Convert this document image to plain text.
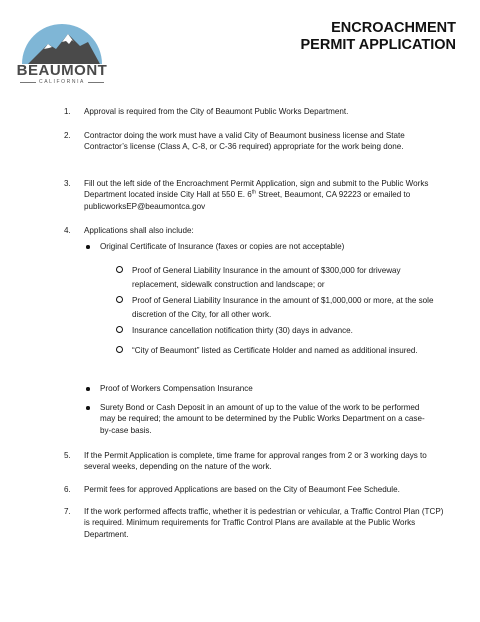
BEAUMONT
CALIFORNIA
ENCROACHMENT
PERMIT APPLICATION
1. Approval is required from the City of Beaumont Public Works Department.
2. Contractor doing the work must have a valid City of Beaumont business license and State Contractor’s license (Class A, C-8, or C-36 required) appropriate for the work being done.
3. Fill out the left side of the Encroachment Permit Application, sign and submit to the Public Works Department located inside City Hall at 550 E. 6th Street, Beaumont, CA 92223 or emailed to publicworksEP@beaumontca.gov
4. Applications shall also include:
Original Certificate of Insurance (faxes or copies are not acceptable)
Proof of General Liability Insurance in the amount of $300,000 for driveway replacement, sidewalk construction and landscape; or
Proof of General Liability Insurance in the amount of $1,000,000 or more, at the sole discretion of the City, for all other work.
Insurance cancellation notification thirty (30) days in advance.
“City of Beaumont” listed as Certificate Holder and named as additional insured.
Proof of Workers Compensation Insurance
Surety Bond or Cash Deposit in an amount of up to the value of the work to be performed may be required; the amount to be determined by the Public Works Department on a case-by-case basis.
5. If the Permit Application is complete, time frame for approval ranges from 2 or 3 working days to several weeks, depending on the nature of the work.
6. Permit fees for approved Applications are based on the City of Beaumont Fee Schedule.
7. If the work performed affects traffic, whether it is pedestrian or vehicular, a Traffic Control Plan (TCP) is required. Minimum requirements for Traffic Control Plans are available at the Public Works Department.
